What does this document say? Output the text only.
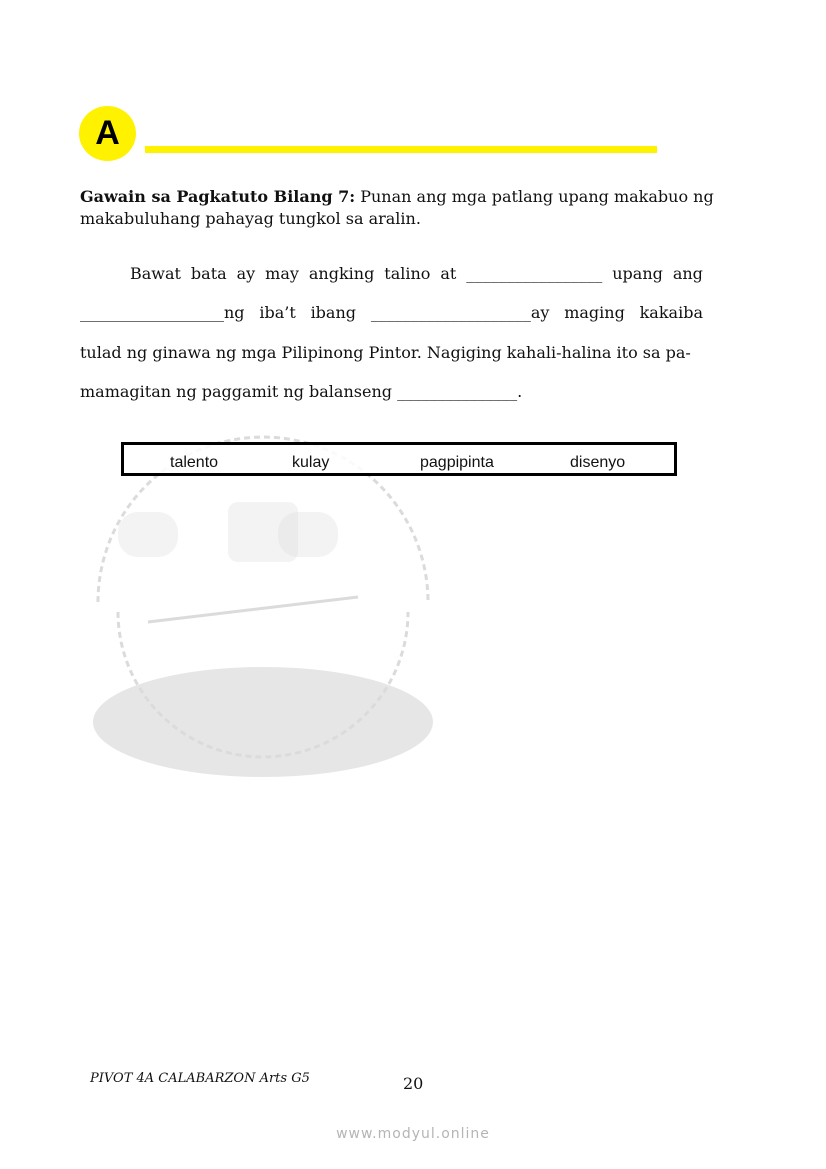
A
Gawain sa Pagkatuto Bilang 7: Punan ang mga patlang upang makabuo ng makabuluhang pahayag tungkol sa aralin.
Bawat bata ay may angking talino at _________________ upang ang
__________________ng iba’t ibang ____________________ay maging kakaiba
tulad ng ginawa ng mga Pilipinong Pintor. Nagiging kahali-halina ito sa pa-
mamagitan ng paggamit ng balanseng _______________.
talento	kulay	pagpipinta	disenyo
PIVOT 4A CALABARZON Arts G5	20
www.modyul.online
